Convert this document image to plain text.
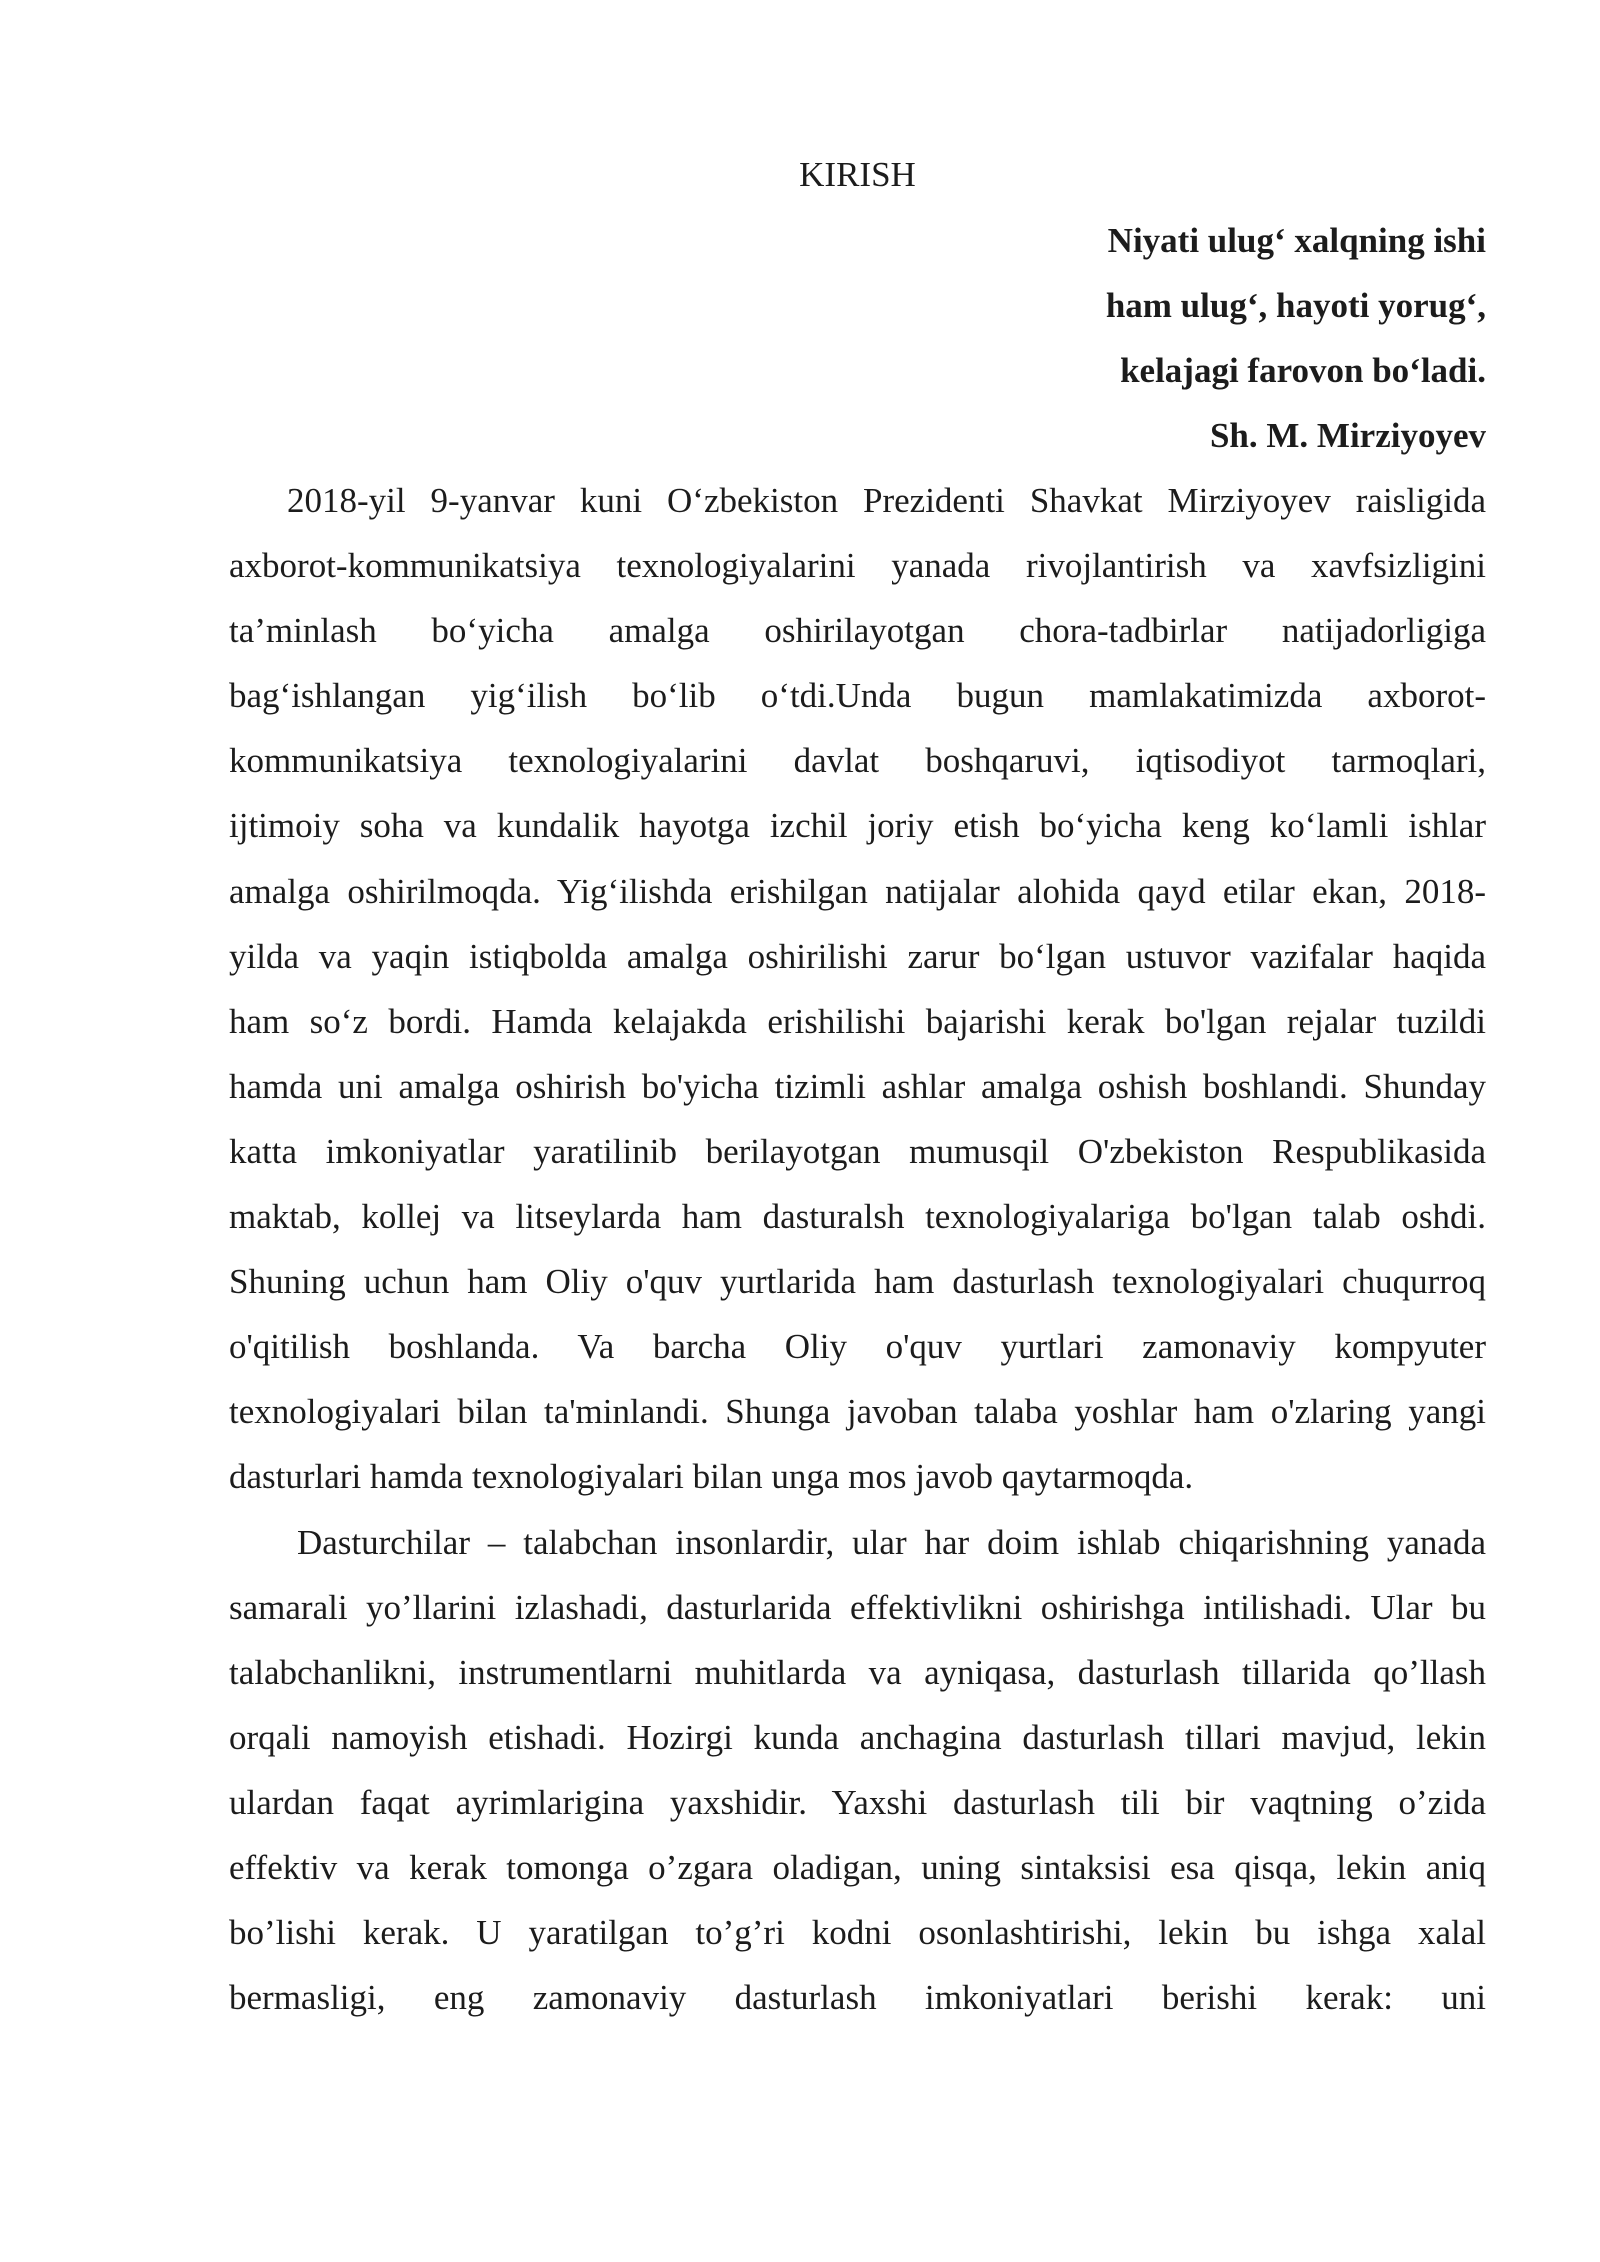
KIRISH
Niyati ulug‘ xalqning ishi
ham ulug‘, hayoti yorug‘,
kelajagi farovon bo‘ladi.
Sh. M. Mirziyoyev
2018-yil 9-yanvar kuni O‘zbekiston Prezidenti Shavkat Mirziyoyev raisligida
axborot-kommunikatsiya texnologiyalarini yanada rivojlantirish va xavfsizligini
ta’minlash bo‘yicha amalga oshirilayotgan chora-tadbirlar natijadorligiga
bag‘ishlangan yig‘ilish bo‘lib o‘tdi.Unda bugun mamlakatimizda axborot-
kommunikatsiya texnologiyalarini davlat boshqaruvi, iqtisodiyot tarmoqlari,
ijtimoiy soha va kundalik hayotga izchil joriy etish bo‘yicha keng ko‘lamli ishlar
amalga oshirilmoqda. Yig‘ilishda erishilgan natijalar alohida qayd etilar ekan, 2018-
yilda va yaqin istiqbolda amalga oshirilishi zarur bo‘lgan ustuvor vazifalar haqida
ham so‘z bordi. Hamda kelajakda erishilishi bajarishi kerak bo'lgan rejalar tuzildi
hamda uni amalga oshirish bo'yicha tizimli ashlar amalga oshish boshlandi. Shunday
katta imkoniyatlar yaratilinib berilayotgan mumusqil O'zbekiston Respublikasida
maktab, kollej va litseylarda ham dasturalsh texnologiyalariga bo'lgan talab oshdi.
Shuning uchun ham Oliy o'quv yurtlarida ham dasturlash texnologiyalari chuqurroq
o'qitilish boshlanda. Va barcha Oliy o'quv yurtlari zamonaviy kompyuter
texnologiyalari bilan ta'minlandi. Shunga javoban talaba yoshlar ham o'zlaring yangi
dasturlari hamda texnologiyalari bilan unga mos javob qaytarmoqda.
Dasturchilar – talabchan insonlardir, ular har doim ishlab chiqarishning yanada
samarali yo’llarini izlashadi, dasturlarida effektivlikni oshirishga intilishadi. Ular bu
talabchanlikni, instrumentlarni muhitlarda va ayniqasa, dasturlash tillarida qo’llash
orqali namoyish etishadi. Hozirgi kunda anchagina dasturlash tillari mavjud, lekin
ulardan faqat ayrimlarigina yaxshidir. Yaxshi dasturlash tili bir vaqtning o’zida
effektiv va kerak tomonga o’zgara oladigan, uning sintaksisi esa qisqa, lekin aniq
bo’lishi kerak. U yaratilgan to’g’ri kodni osonlashtirishi, lekin bu ishga xalal
bermasligi, eng zamonaviy dasturlash imkoniyatlari berishi kerak: uni
